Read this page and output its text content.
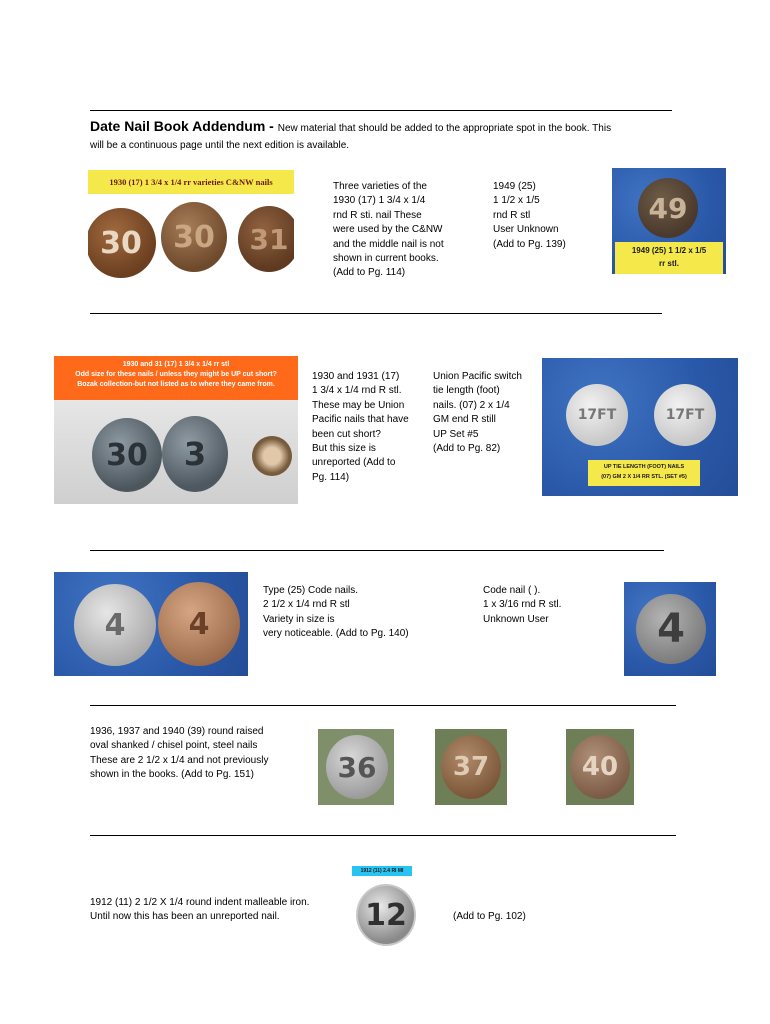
Date Nail Book Addendum - New material that should be added to the appropriate spot in the book. This
will be a continuous page until the next edition is available.
1930 (17) 1 3/4 x 1/4 rr varieties C&NW nails
30	30	31
Three varieties of the
1930 (17) 1 3/4 x 1/4
rnd R sti. nail These
were used by the C&NW
and the middle nail is not
shown in current books.
(Add to Pg. 114)
1949 (25)
1 1/2 x 1/5
rnd R stl
User Unknown
(Add to Pg. 139)
49
1949 (25) 1 1/2 x 1/5
rr stl.
1930 and 31 (17) 1 3/4 x 1/4 rr stl
Odd size for these nails / unless they might be UP cut short?
Bozak collection-but not listed as to where they came from.
30	3
1930 and 1931 (17)
1 3/4 x 1/4 rnd R stl.
These may be Union
Pacific nails that have
been cut short?
But this size is
unreported (Add to
Pg. 114)
Union Pacific switch
tie length (foot)
nails. (07) 2 x 1/4
GM end R still
UP Set #5
(Add to Pg. 82)
17FT	17FT
UP TIE LENGTH (FOOT) NAILS
(07) GM 2 X 1/4 RR STL. (SET #5)
4	4
Type (25) Code nails.
2 1/2 x 1/4 rnd R stl
Variety in size is
very noticeable. (Add to Pg. 140)
Code nail ( ).
1 x 3/16 rnd R stl.
Unknown User	4
1936, 1937 and 1940 (39) round raised
oval shanked / chisel point, steel nails
These are 2 1/2 x 1/4 and not previously
shown in the books. (Add to Pg. 151)	36	37	40
1912 (11) 2 1/2 X 1/4 round indent malleable iron.
Until now this has been an unreported nail.
1912 (11) 2.4 RI MI
12	(Add to Pg. 102)
